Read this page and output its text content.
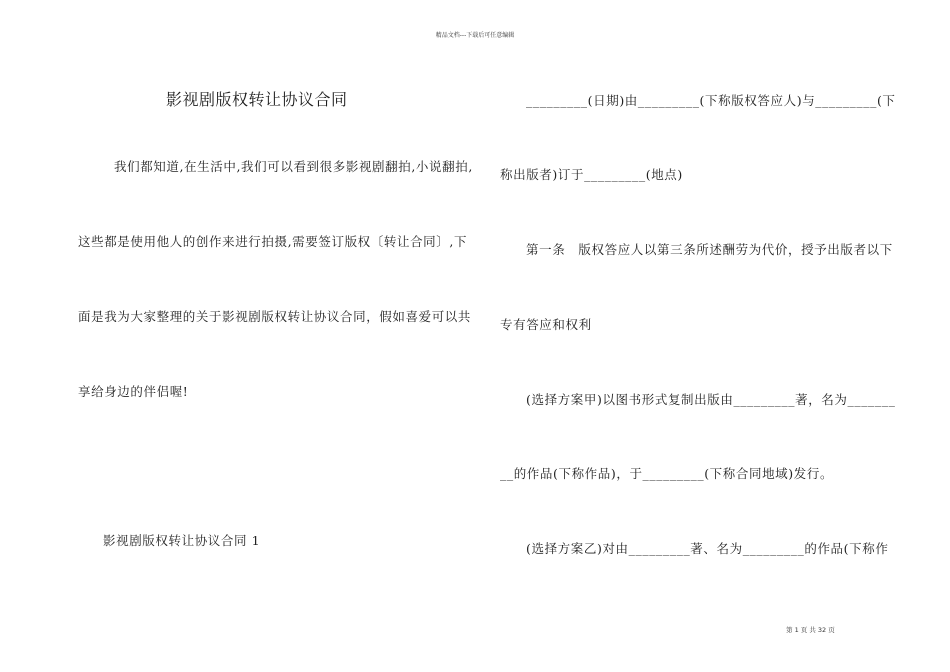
精品文档---下载后可任意编辑
影视剧版权转让协议合同
我们都知道,在生活中,我们可以看到很多影视剧翻拍,小说翻拍,
这些都是使用他人的创作来进行拍摄,需要签订版权〔转让合同〕,下
面是我为大家整理的关于影视剧版权转让协议合同，假如喜爱可以共
享给身边的伴侣喔!
影视剧版权转让协议合同 1
_________(日期)由_________(下称版权答应人)与_________(下
称出版者)订于_________(地点)
第一条　版权答应人以第三条所述酬劳为代价，授予出版者以下
专有答应和权利
(选择方案甲)以图书形式复制出版由_________著，名为_______
__的作品(下称作品)，于_________(下称合同地域)发行。
(选择方案乙)对由_________著、名为_________的作品(下称作
第 1 页 共 32 页
